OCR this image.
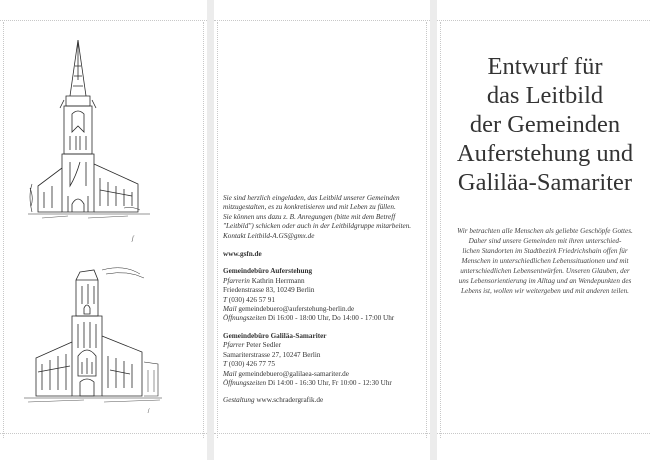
ʃ
ʃ
Sie sind herzlich eingeladen, das Leitbild unserer Gemeinden
mitzugestalten, es zu konkretisieren und mit Leben zu füllen.
Sie können uns dazu z. B. Anregungen (bitte mit dem Betreff
"Leitbild") schicken oder auch in der Leitbildgruppe mitarbeiten.
Kontakt Leitbild-A.GS@gmx.de
www.gsfn.de
Gemeindebüro Auferstehung
Pfarrerin Kathrin Herrmann
Friedenstrasse 83, 10249 Berlin
T (030) 426 57 91
Mail gemeindebuero@auferstehung-berlin.de
Öffnungszeiten Di 16:00 - 18:00 Uhr, Do 14:00 - 17:00 Uhr
Gemeindebüro Galiläa-Samariter
Pfarrer Peter Sedler
Samariterstrasse 27, 10247 Berlin
T (030) 426 77 75
Mail gemeindebuero@galilaea-samariter.de
Öffnungszeiten Di 14:00 - 16:30 Uhr, Fr 10:00 - 12:30 Uhr
Gestaltung www.schradergrafik.de
Entwurf für
das Leitbild
der Gemeinden
Auferstehung und
Galiläa-Samariter
Wir betrachten alle Menschen als geliebte Geschöpfe Gottes.
Daher sind unsere Gemeinden mit ihren unterschied-
lichen Standorten im Stadtbezirk Friedrichshain offen für
Menschen in unterschiedlichen Lebenssituationen und mit
unterschiedlichen Lebensentwürfen. Unseren Glauben, der
uns Lebensorientierung im Alltag und an Wendepunkten des
Lebens ist, wollen wir weitergeben und mit anderen teilen.
